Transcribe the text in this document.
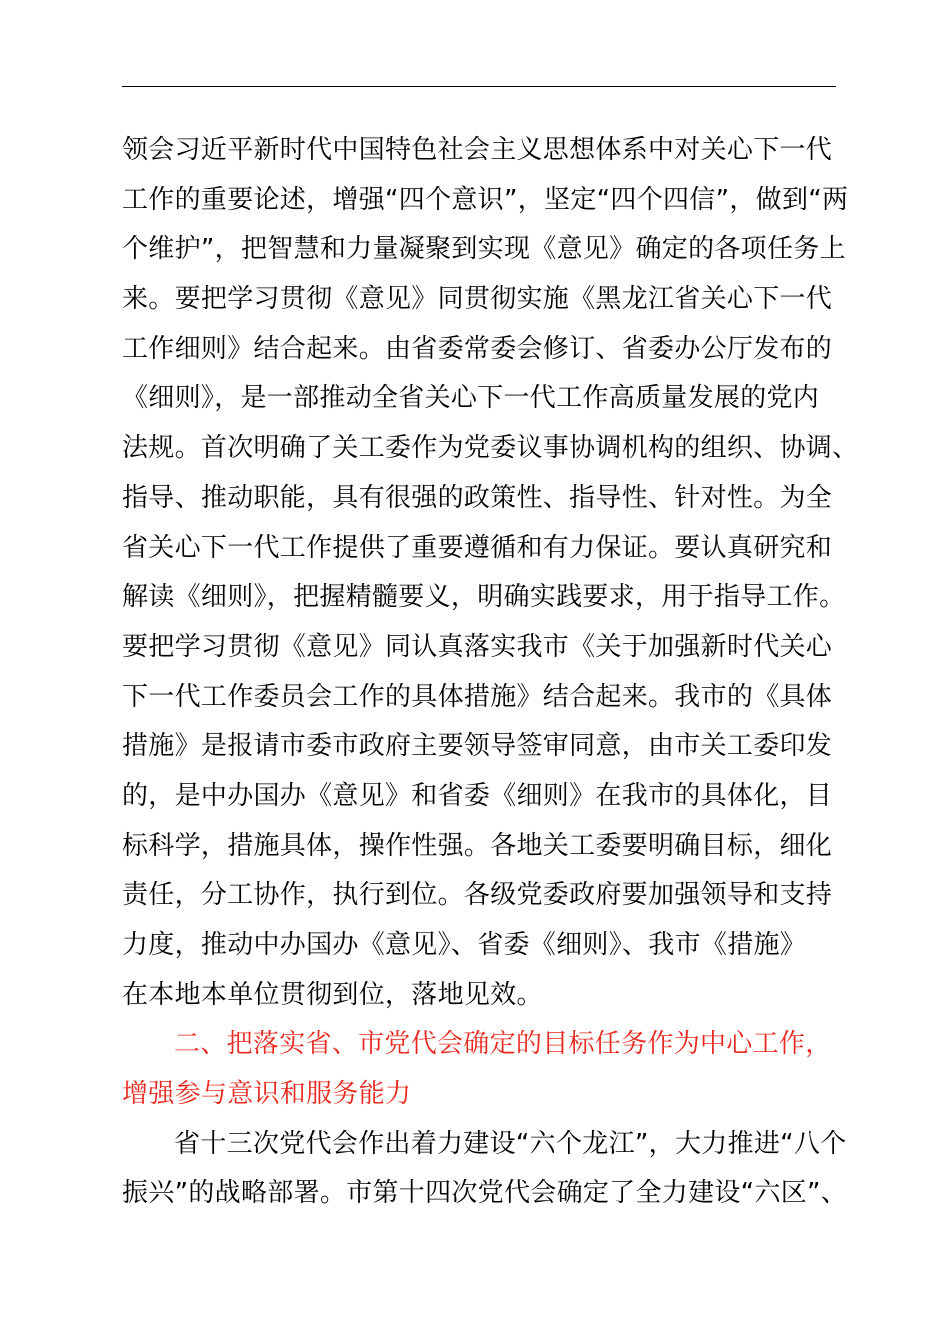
领会习近平新时代中国特色社会主义思想体系中对关心下一代
工作的重要论述，增强“四个意识”，坚定“四个四信”，做到“两
个维护”，把智慧和力量凝聚到实现《意见》确定的各项任务上
来。要把学习贯彻《意见》同贯彻实施《黑龙江省关心下一代
工作细则》结合起来。由省委常委会修订、省委办公厅发布的
《细则》，是一部推动全省关心下一代工作高质量发展的党内
法规。首次明确了关工委作为党委议事协调机构的组织、协调、
指导、推动职能，具有很强的政策性、指导性、针对性。为全
省关心下一代工作提供了重要遵循和有力保证。要认真研究和
解读《细则》，把握精髓要义，明确实践要求，用于指导工作。
要把学习贯彻《意见》同认真落实我市《关于加强新时代关心
下一代工作委员会工作的具体措施》结合起来。我市的《具体
措施》是报请市委市政府主要领导签审同意，由市关工委印发
的，是中办国办《意见》和省委《细则》在我市的具体化，目
标科学，措施具体，操作性强。各地关工委要明确目标，细化
责任，分工协作，执行到位。各级党委政府要加强领导和支持
力度，推动中办国办《意见》、省委《细则》、我市《措施》
在本地本单位贯彻到位，落地见效。
二、把落实省、市党代会确定的目标任务作为中心工作，
增强参与意识和服务能力
省十三次党代会作出着力建设“六个龙江”，大力推进“八个
振兴”的战略部署。市第十四次党代会确定了全力建设“六区”、
